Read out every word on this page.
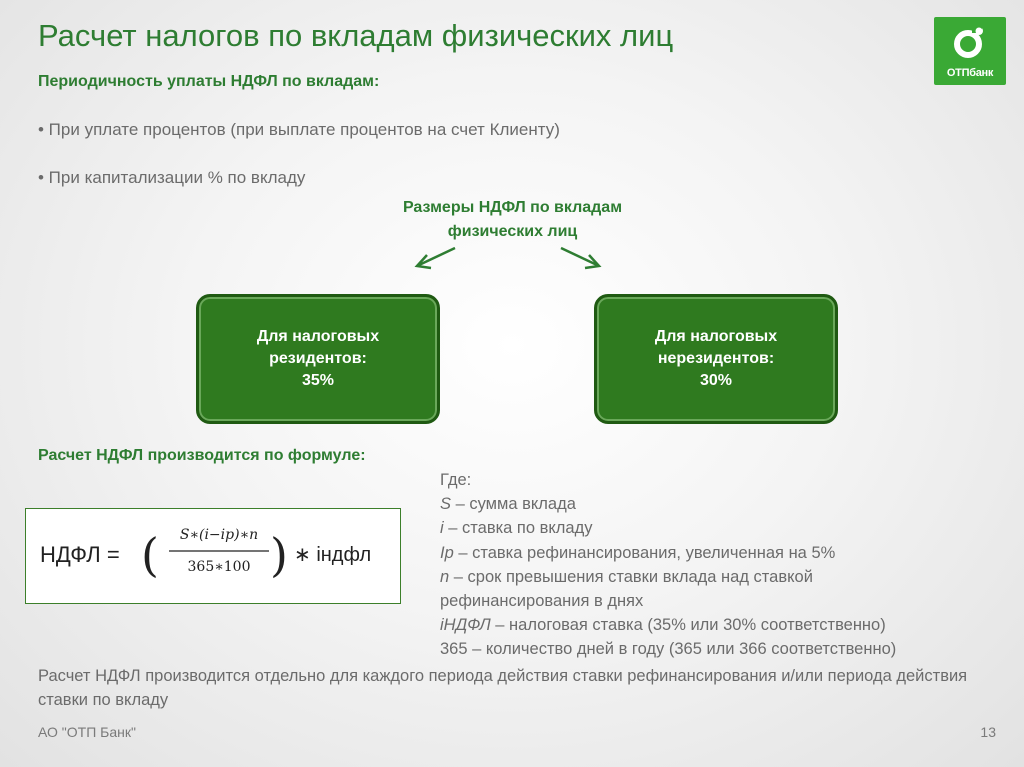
Расчет налогов по вкладам физических лиц
ОТПбанк
Периодичность уплаты НДФЛ по вкладам:
• При уплате процентов (при выплате процентов на счет Клиенту)
• При капитализации % по вкладу
Размеры НДФЛ по вкладам
физических лиц
Для налоговых
резидентов:
35%
Для налоговых
нерезидентов:
30%
Расчет НДФЛ производится по формуле:
НДФЛ = ( S∗(i−ip)∗n
365∗100 ) ∗ iндфл
Где:
S – сумма вклада
i – ставка по вкладу
Ip – ставка рефинансирования, увеличенная на 5%
n – срок превышения ставки вклада над ставкой
рефинансирования в днях
iНДФЛ – налоговая ставка (35% или 30% соответственно)
365 – количество дней в году (365 или 366 соответственно)
Расчет НДФЛ производится отдельно для каждого периода действия ставки рефинансирования и/или периода действия ставки по вкладу
АО "ОТП Банк"	13
